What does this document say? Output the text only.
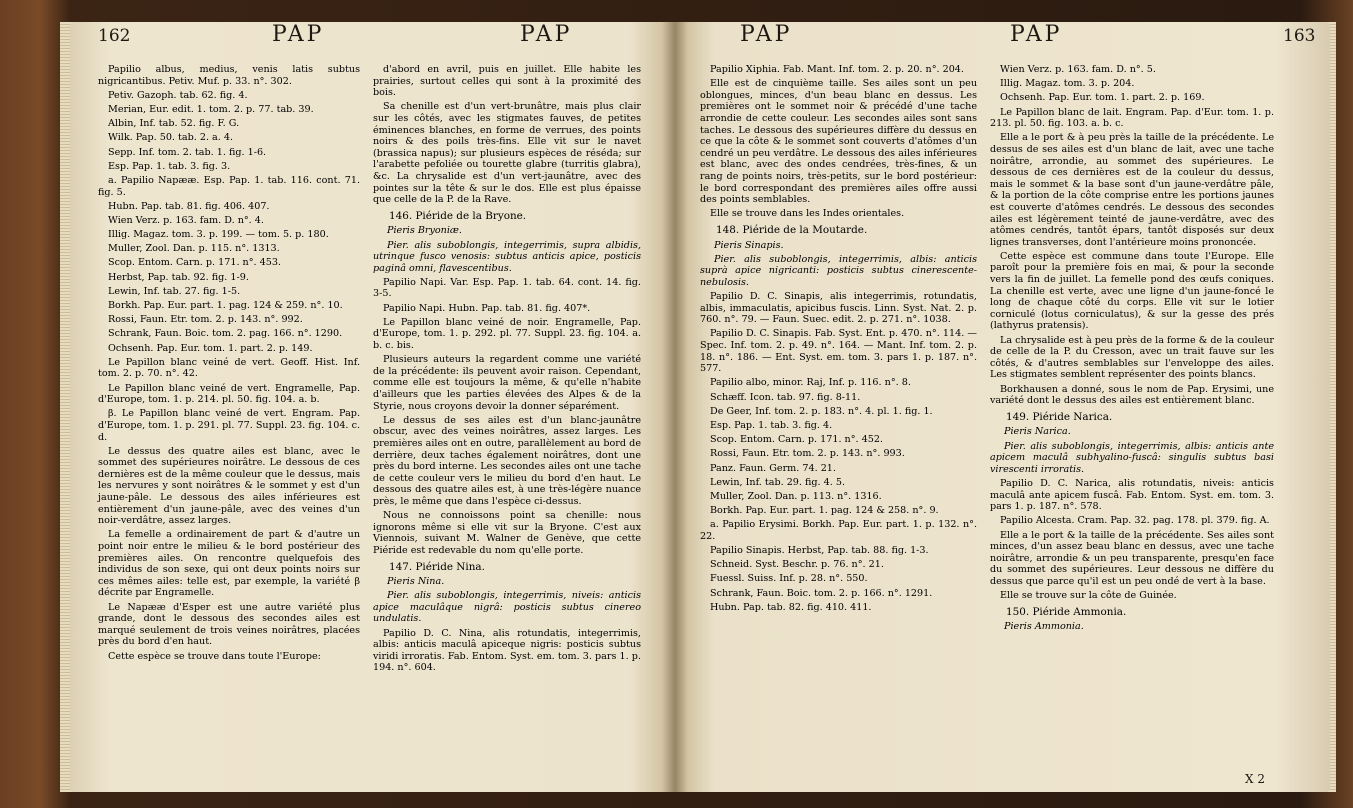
162	PAP	PAP	PAP	PAP	163

Papilio albus, medius, venis latis subtus nigricantibus. Petiv. Muf. p. 33. n°. 302.

Petiv. Gazoph. tab. 62. fig. 4.

Merian, Eur. edit. 1. tom. 2. p. 77. tab. 39.

Albin, Inf. tab. 52. fig. F. G.

Wilk. Pap. 50. tab. 2. a. 4.

Sepp. Inf. tom. 2. tab. 1. fig. 1-6.

Esp. Pap. 1. tab. 3. fig. 3.

a. Papilio Napææ. Esp. Pap. 1. tab. 116. cont. 71. fig. 5.

Hubn. Pap. tab. 81. fig. 406. 407.

Wien Verz. p. 163. fam. D. n°. 4.

Illig. Magaz. tom. 3. p. 199. — tom. 5. p. 180.

Muller, Zool. Dan. p. 115. n°. 1313.

Scop. Entom. Carn. p. 171. n°. 453.

Herbst, Pap. tab. 92. fig. 1-9.

Lewin, Inf. tab. 27. fig. 1-5.

Borkh. Pap. Eur. part. 1. pag. 124 & 259. n°. 10.

Rossi, Faun. Etr. tom. 2. p. 143. n°. 992.

Schrank, Faun. Boic. tom. 2. pag. 166. n°. 1290.

Ochsenh. Pap. Eur. tom. 1. part. 2. p. 149.

Le Papillon blanc veiné de vert. Geoff. Hist. Inf. tom. 2. p. 70. n°. 42.

Le Papillon blanc veiné de vert. Engramelle, Pap. d'Europe, tom. 1. p. 214. pl. 50. fig. 104. a. b.

β. Le Papillon blanc veiné de vert. Engram. Pap. d'Europe, tom. 1. p. 291. pl. 77. Suppl. 23. fig. 104. c. d.

Le dessus des quatre ailes est blanc, avec le sommet des supérieures noirâtre. Le dessous de ces dernières est de la même couleur que le dessus, mais les nervures y sont noirâtres & le sommet y est d'un jaune-pâle. Le dessous des ailes inférieures est entièrement d'un jaune-pâle, avec des veines d'un noir-verdâtre, assez larges.

La femelle a ordinairement de part & d'autre un point noir entre le milieu & le bord postérieur des premières ailes. On rencontre quelquefois des individus de son sexe, qui ont deux points noirs sur ces mêmes ailes: telle est, par exemple, la variété β décrite par Engramelle.

Le Napææ d'Esper est une autre variété plus grande, dont le dessous des secondes ailes est marqué seulement de trois veines noirâtres, placées près du bord d'en haut.

Cette espèce se trouve dans toute l'Europe:

d'abord en avril, puis en juillet. Elle habite les prairies, surtout celles qui sont à la proximité des bois.

Sa chenille est d'un vert-brunâtre, mais plus clair sur les côtés, avec les stigmates fauves, de petites éminences blanches, en forme de verrues, des points noirs & des poils très-fins. Elle vit sur le navet (brassica napus); sur plusieurs espèces de réséda; sur l'arabette pefoliée ou tourette glabre (turritis glabra), &c. La chrysalide est d'un vert-jaunâtre, avec des pointes sur la tête & sur le dos. Elle est plus épaisse que celle de la P. de la Rave.

146. Piéride de la Bryone.

Pieris Bryoniæ.

Pier. alis suboblongis, integerrimis, supra albidis, utrinque fusco venosis: subtus anticis apice, posticis paginâ omni, flavescentibus.

Papilio Napi. Var. Esp. Pap. 1. tab. 64. cont. 14. fig. 3-5.

Papilio Napi. Hubn. Pap. tab. 81. fig. 407*.

Le Papillon blanc veiné de noir. Engramelle, Pap. d'Europe, tom. 1. p. 292. pl. 77. Suppl. 23. fig. 104. a. b. c. bis.

Plusieurs auteurs la regardent comme une variété de la précédente: ils peuvent avoir raison. Cependant, comme elle est toujours la même, & qu'elle n'habite d'ailleurs que les parties élevées des Alpes & de la Styrie, nous croyons devoir la donner séparément.

Le dessus de ses ailes est d'un blanc-jaunâtre obscur, avec des veines noirâtres, assez larges. Les premières ailes ont en outre, parallèlement au bord de derrière, deux taches également noirâtres, dont une près du bord interne. Les secondes ailes ont une tache de cette couleur vers le milieu du bord d'en haut. Le dessous des quatre ailes est, à une très-légère nuance près, le même que dans l'espèce ci-dessus.

Nous ne connoissons point sa chenille: nous ignorons même si elle vit sur la Bryone. C'est aux Viennois, suivant M. Walner de Genève, que cette Piéride est redevable du nom qu'elle porte.

147. Piéride Nina.

Pieris Nina.

Pier. alis suboblongis, integerrimis, niveis: anticis apice maculâque nigrâ: posticis subtus cinereo undulatis.

Papilio D. C. Nina, alis rotundatis, integerrimis, albis: anticis maculâ apiceque nigris: posticis subtus viridi irroratis. Fab. Entom. Syst. em. tom. 3. pars 1. p. 194. n°. 604.

Papilio Xiphia. Fab. Mant. Inf. tom. 2. p. 20. n°. 204.

Elle est de cinquième taille. Ses ailes sont un peu oblongues, minces, d'un beau blanc en dessus. Les premières ont le sommet noir & précédé d'une tache arrondie de cette couleur. Les secondes ailes sont sans taches. Le dessous des supérieures diffère du dessus en ce que la côte & le sommet sont couverts d'atômes d'un cendré un peu verdâtre. Le dessous des ailes inférieures est blanc, avec des ondes cendrées, très-fines, & un rang de points noirs, très-petits, sur le bord postérieur: le bord correspondant des premières ailes offre aussi des points semblables.

Elle se trouve dans les Indes orientales.

148. Piéride de la Moutarde.

Pieris Sinapis.

Pier. alis suboblongis, integerrimis, albis: anticis suprà apice nigricanti: posticis subtus cinerescente-nebulosis.

Papilio D. C. Sinapis, alis integerrimis, rotundatis, albis, immaculatis, apicibus fuscis. Linn. Syst. Nat. 2. p. 760. n°. 79. — Faun. Suec. edit. 2. p. 271. n°. 1038.

Papilio D. C. Sinapis. Fab. Syst. Ent. p. 470. n°. 114. — Spec. Inf. tom. 2. p. 49. n°. 164. — Mant. Inf. tom. 2. p. 18. n°. 186. — Ent. Syst. em. tom. 3. pars 1. p. 187. n°. 577.

Papilio albo, minor. Raj, Inf. p. 116. n°. 8.

Schæff. Icon. tab. 97. fig. 8-11.

De Geer, Inf. tom. 2. p. 183. n°. 4. pl. 1. fig. 1.

Esp. Pap. 1. tab. 3. fig. 4.

Scop. Entom. Carn. p. 171. n°. 452.

Rossi, Faun. Etr. tom. 2. p. 143. n°. 993.

Panz. Faun. Germ. 74. 21.

Lewin, Inf. tab. 29. fig. 4. 5.

Muller, Zool. Dan. p. 113. n°. 1316.

Borkh. Pap. Eur. part. 1. pag. 124 & 258. n°. 9.

a. Papilio Erysimi. Borkh. Pap. Eur. part. 1. p. 132. n°. 22.

Papilio Sinapis. Herbst, Pap. tab. 88. fig. 1-3.

Schneid. Syst. Beschr. p. 76. n°. 21.

Fuessl. Suiss. Inf. p. 28. n°. 550.

Schrank, Faun. Boic. tom. 2. p. 166. n°. 1291.

Hubn. Pap. tab. 82. fig. 410. 411.

Wien Verz. p. 163. fam. D. n°. 5.

Illig. Magaz. tom. 3. p. 204.

Ochsenh. Pap. Eur. tom. 1. part. 2. p. 169.

Le Papillon blanc de lait. Engram. Pap. d'Eur. tom. 1. p. 213. pl. 50. fig. 103. a. b. c.

Elle a le port & à peu près la taille de la précédente. Le dessus de ses ailes est d'un blanc de lait, avec une tache noirâtre, arrondie, au sommet des supérieures. Le dessous de ces dernières est de la couleur du dessus, mais le sommet & la base sont d'un jaune-verdâtre pâle, & la portion de la côte comprise entre les portions jaunes est couverte d'atômes cendrés. Le dessous des secondes ailes est légèrement teinté de jaune-verdâtre, avec des atômes cendrés, tantôt épars, tantôt disposés sur deux lignes transverses, dont l'antérieure moins prononcée.

Cette espèce est commune dans toute l'Europe. Elle paroît pour la première fois en mai, & pour la seconde vers la fin de juillet. La femelle pond des œufs coniques. La chenille est verte, avec une ligne d'un jaune-foncé le long de chaque côté du corps. Elle vit sur le lotier corniculé (lotus corniculatus), & sur la gesse des prés (lathyrus pratensis).

La chrysalide est à peu près de la forme & de la couleur de celle de la P. du Cresson, avec un trait fauve sur les côtés, & d'autres semblables sur l'enveloppe des ailes. Les stigmates semblent représenter des points blancs.

Borkhausen a donné, sous le nom de Pap. Erysimi, une variété dont le dessus des ailes est entièrement blanc.

149. Piéride Narica.

Pieris Narica.

Pier. alis suboblongis, integerrimis, albis: anticis ante apicem maculâ subhyalino-fuscâ: singulis subtus basi virescenti irroratis.

Papilio D. C. Narica, alis rotundatis, niveis: anticis maculâ ante apicem fuscâ. Fab. Entom. Syst. em. tom. 3. pars 1. p. 187. n°. 578.

Papilio Alcesta. Cram. Pap. 32. pag. 178. pl. 379. fig. A.

Elle a le port & la taille de la précédente. Ses ailes sont minces, d'un assez beau blanc en dessus, avec une tache noirâtre, arrondie & un peu transparente, presqu'en face du sommet des supérieures. Leur dessous ne diffère du dessus que parce qu'il est un peu ondé de vert à la base.

Elle se trouve sur la côte de Guinée.

150. Piéride Ammonia.

Pieris Ammonia.

X 2
